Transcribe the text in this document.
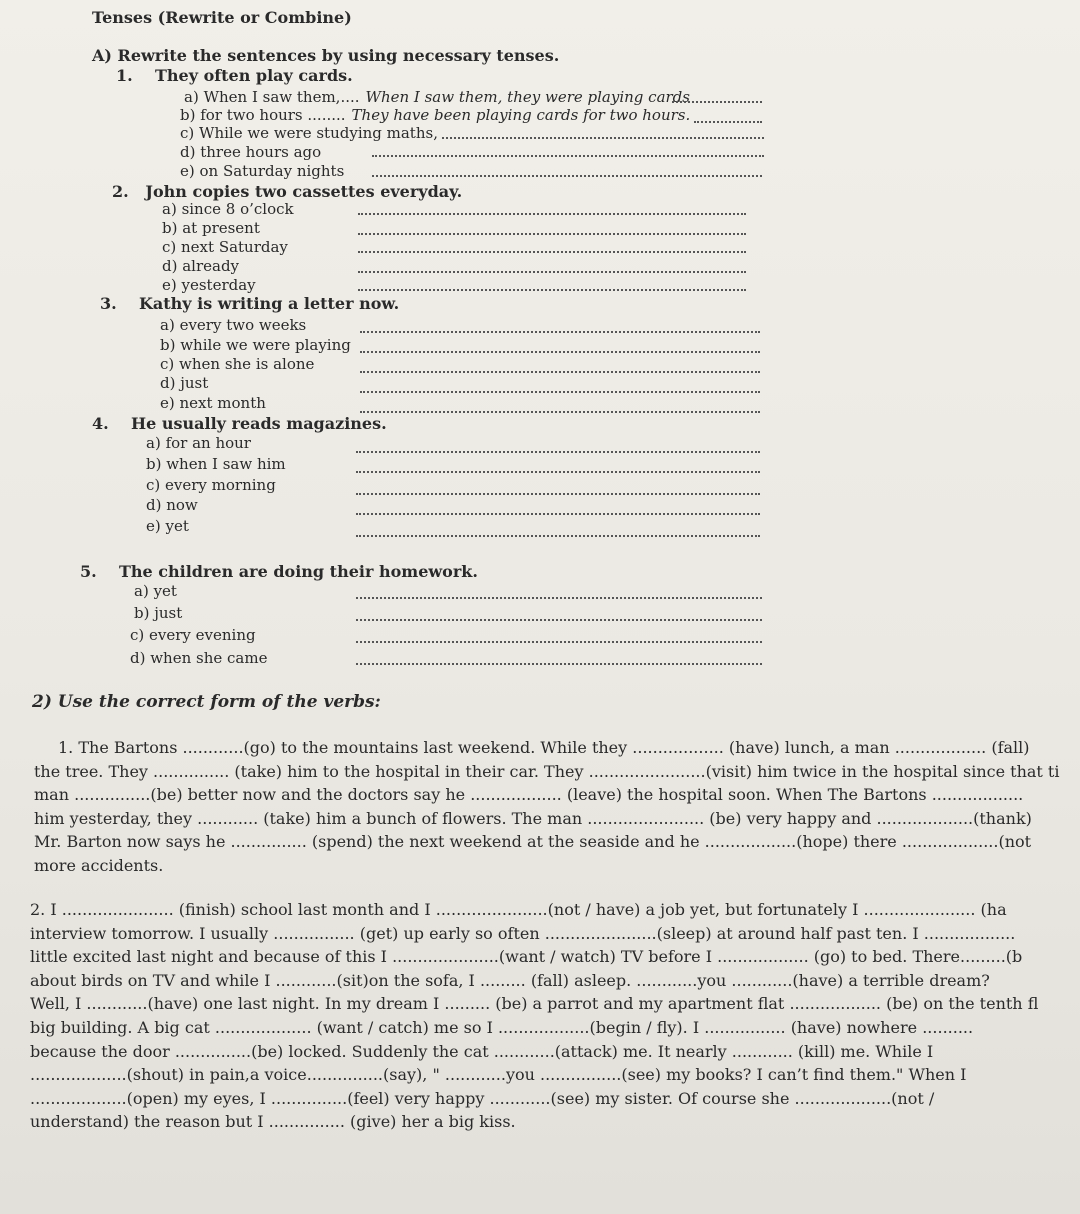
Tenses (Rewrite or Combine)
A) Rewrite the sentences by using necessary tenses.
1. They often play cards.
a) When I saw them,.... When I saw them, they were playing cards
b) for two hours ........ They have been playing cards for two hours.
c) While we were studying maths,
d) three hours ago
e) on Saturday nights
2. John copies two cassettes everyday.
a) since 8 o’clock
b) at present
c) next Saturday
d) already
e) yesterday
3. Kathy is writing a letter now.
a) every two weeks
b) while we were playing
c) when she is alone
d) just
e) next month
4. He usually reads magazines.
a) for an hour
b) when I saw him
c) every morning
d) now
e) yet
5. The children are doing their homework.
a) yet
b) just
c) every evening
d) when she came
2) Use the correct form of the verbs:
1. The Bartons ............(go) to the mountains last weekend. While they .................. (have) lunch, a man .................. (fall)
the tree. They ............... (take) him to the hospital in their car. They .......................(visit) him twice in the hospital since that ti
man ...............(be) better now and the doctors say he .................. (leave) the hospital soon. When The Bartons ..................
him yesterday, they ............ (take) him a bunch of flowers. The man ....................... (be) very happy and ...................(thank)
Mr. Barton now says he ............... (spend) the next weekend at the seaside and he ..................(hope) there ...................(not
more accidents.
2. I ...................... (finish) school last month and I ......................(not / have) a job yet, but fortunately I ...................... (ha
interview tomorrow. I usually ................ (get) up early so often ......................(sleep) at around half past ten. I ..................
little excited last night and because of this I .....................(want / watch) TV before I .................. (go) to bed. There.........(b
about birds on TV and while I ............(sit)on the sofa, I ......... (fall) asleep. ............you ............(have) a terrible dream?
Well, I ............(have) one last night. In my dream I ......... (be) a parrot and my apartment flat .................. (be) on the tenth fl
big building. A big cat ................... (want / catch) me so I ..................(begin / fly). I ................ (have) nowhere ..........
because the door ...............(be) locked. Suddenly the cat ............(attack) me. It nearly ............ (kill) me. While I
...................(shout) in pain,a voice...............(say), " ............you ................(see) my books? I can’t find them." When I
...................(open) my eyes, I ...............(feel) very happy ............(see) my sister. Of course she ...................(not /
understand) the reason but I ............... (give) her a big kiss.
